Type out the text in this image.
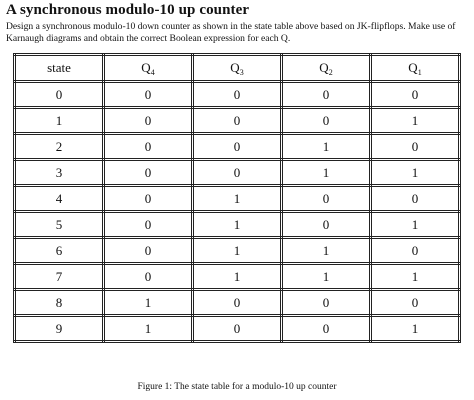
A synchronous modulo-10 up counter

Design a synchronous modulo-10 down counter as shown in the state table above based on JK-flipflops. Make use of Karnaugh diagrams and obtain the correct Boolean expression for each Q.

state	$Q_4$	$Q_3$	$Q_2$	$Q_1$
0	0	0	0	0
1	0	0	0	1
2	0	0	1	0
3	0	0	1	1
4	0	1	0	0
5	0	1	0	1
6	0	1	1	0
7	0	1	1	1
8	1	0	0	0
9	1	0	0	1

Figure 1: The state table for a modulo-10 up counter
